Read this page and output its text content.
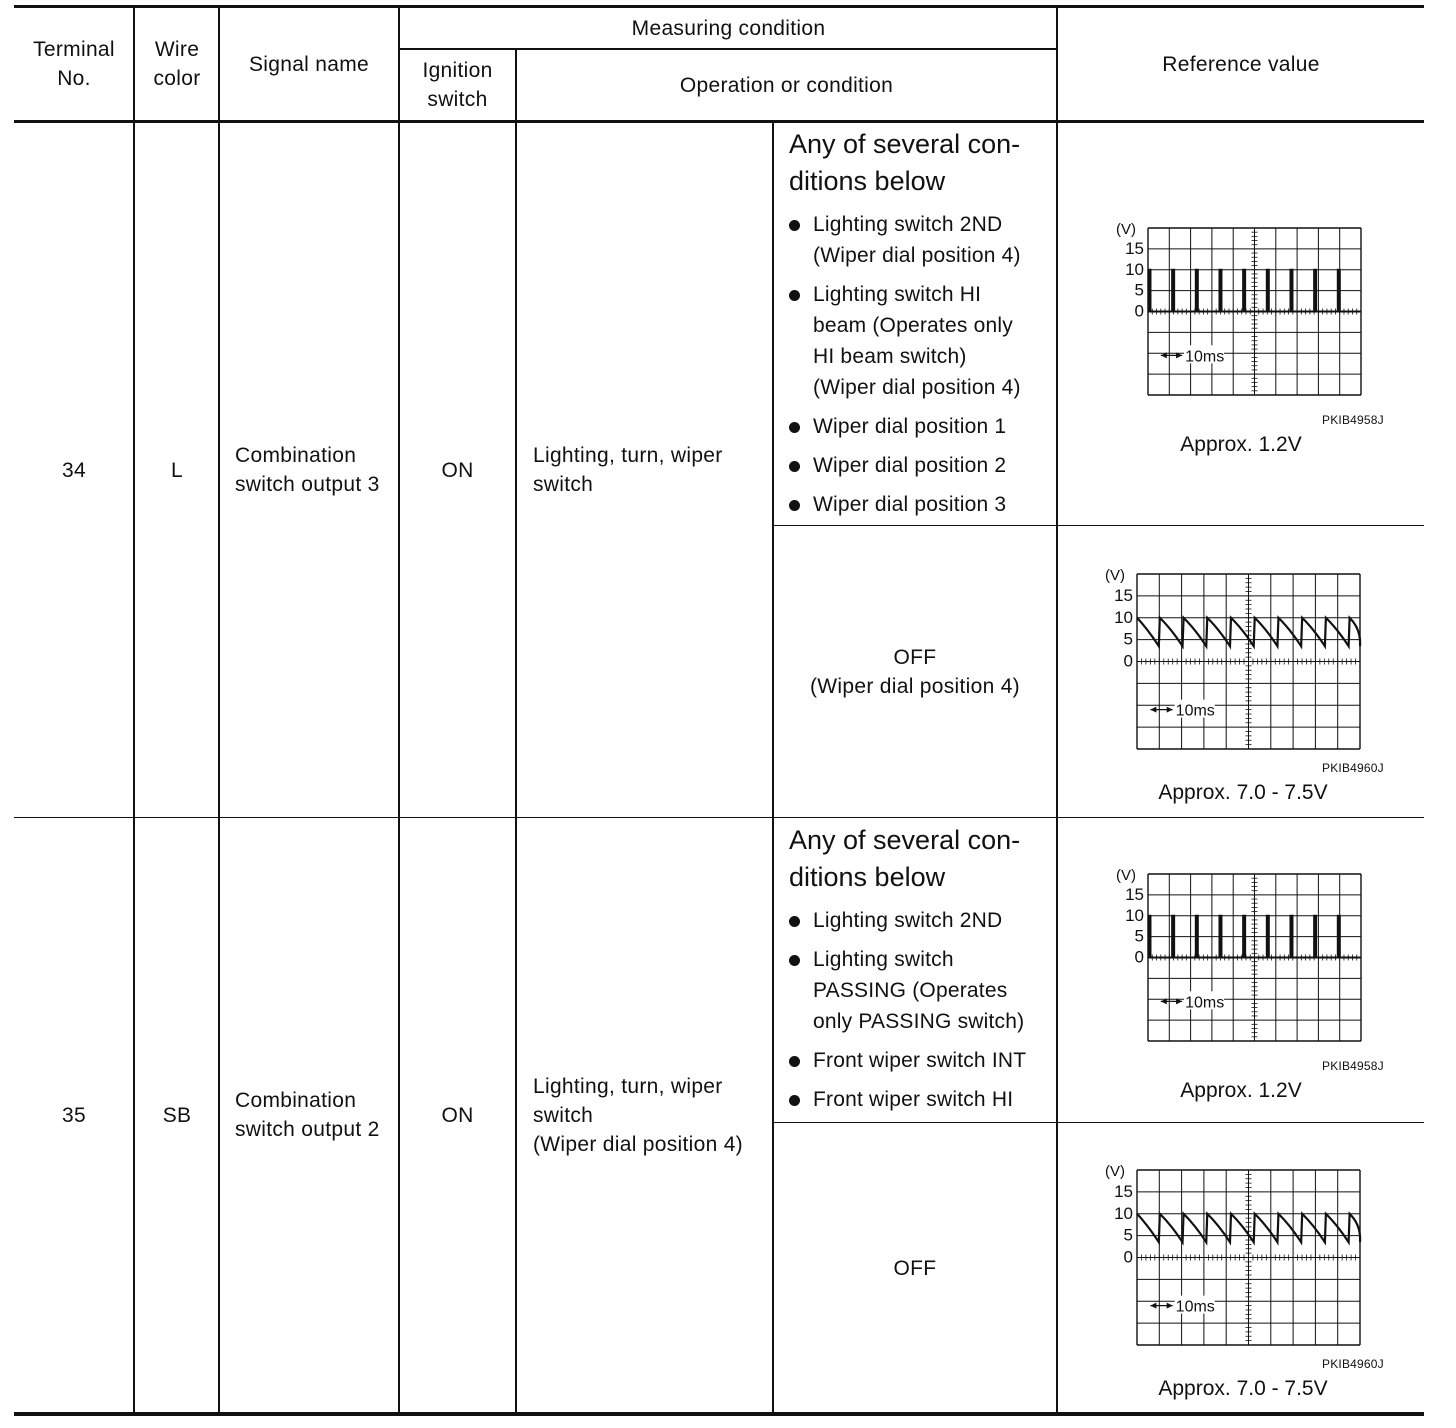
Terminal
No.
Wire
color
Signal name
Measuring condition
Ignition
switch
Operation or condition
Reference value
34	L
Combination
switch output 3
ON
Lighting, turn, wiper
switch
Any of several con-
ditions below
Lighting switch 2ND
(Wiper dial position 4)
Lighting switch HI
beam (Operates only
HI beam switch)
(Wiper dial position 4)
Wiper dial position 1
Wiper dial position 2
Wiper dial position 3
(V)
15
10
5
0
10ms
PKIB4958J
Approx. 1.2V
OFF
(Wiper dial position 4)
(V)
15
10
5
0
10ms
PKIB4960J
Approx. 7.0 - 7.5V
35	SB
Combination
switch output 2
ON
Lighting, turn, wiper
switch
(Wiper dial position 4)
Any of several con-
ditions below
Lighting switch 2ND
Lighting switch
PASSING (Operates
only PASSING switch)
Front wiper switch INT
Front wiper switch HI
(V)
15
10
5
0
10ms
PKIB4958J
Approx. 1.2V
OFF
(V)
15
10
5
0
10ms
PKIB4960J
Approx. 7.0 - 7.5V
